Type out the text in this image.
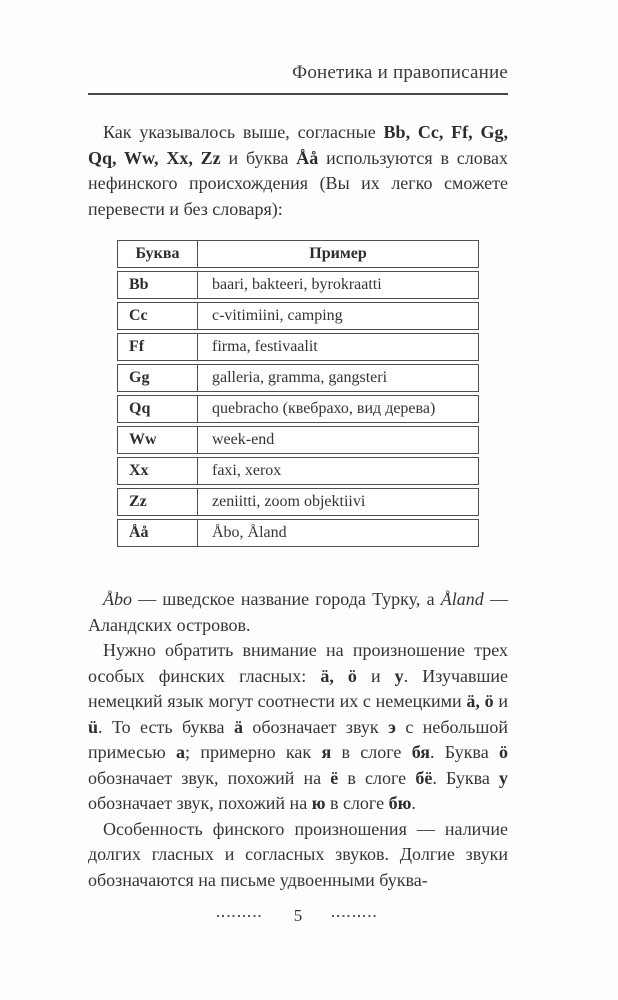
Фонетика и правописание

Как указывалось выше, согласные Bb, Cc, Ff, Gg, Qq, Ww, Xx, Zz и буква Åå используются в словах нефинского происхождения (Вы их легко сможете перевести и без словаря):

Буква	Пример
Bb	baari, bakteeri, byrokraatti
Cc	c-vitimiini, camping
Ff	firma, festivaalit
Gg	galleria, gramma, gangsteri
Qq	quebracho (квебрахо, вид дерева)
Ww	week-end
Xx	faxi, xerox
Zz	zeniitti, zoom objektiivi
Åå	Åbo, Åland

Åbo — шведское название города Турку, а Åland — Аландских островов.

Нужно обратить внимание на произношение трех особых финских гласных: ä, ö и y. Изучавшие немецкий язык могут соотнести их с немецкими ä, ö и ü. То есть буква ä обозначает звук э с небольшой примесью а; примерно как я в слоге бя. Буква ö обозначает звук, похожий на ё в слоге бё. Буква y обозначает звук, похожий на ю в слоге бю.

Особенность финского произношения — наличие долгих гласных и согласных звуков. Долгие звуки обозначаются на письме удвоенными буква-

5
